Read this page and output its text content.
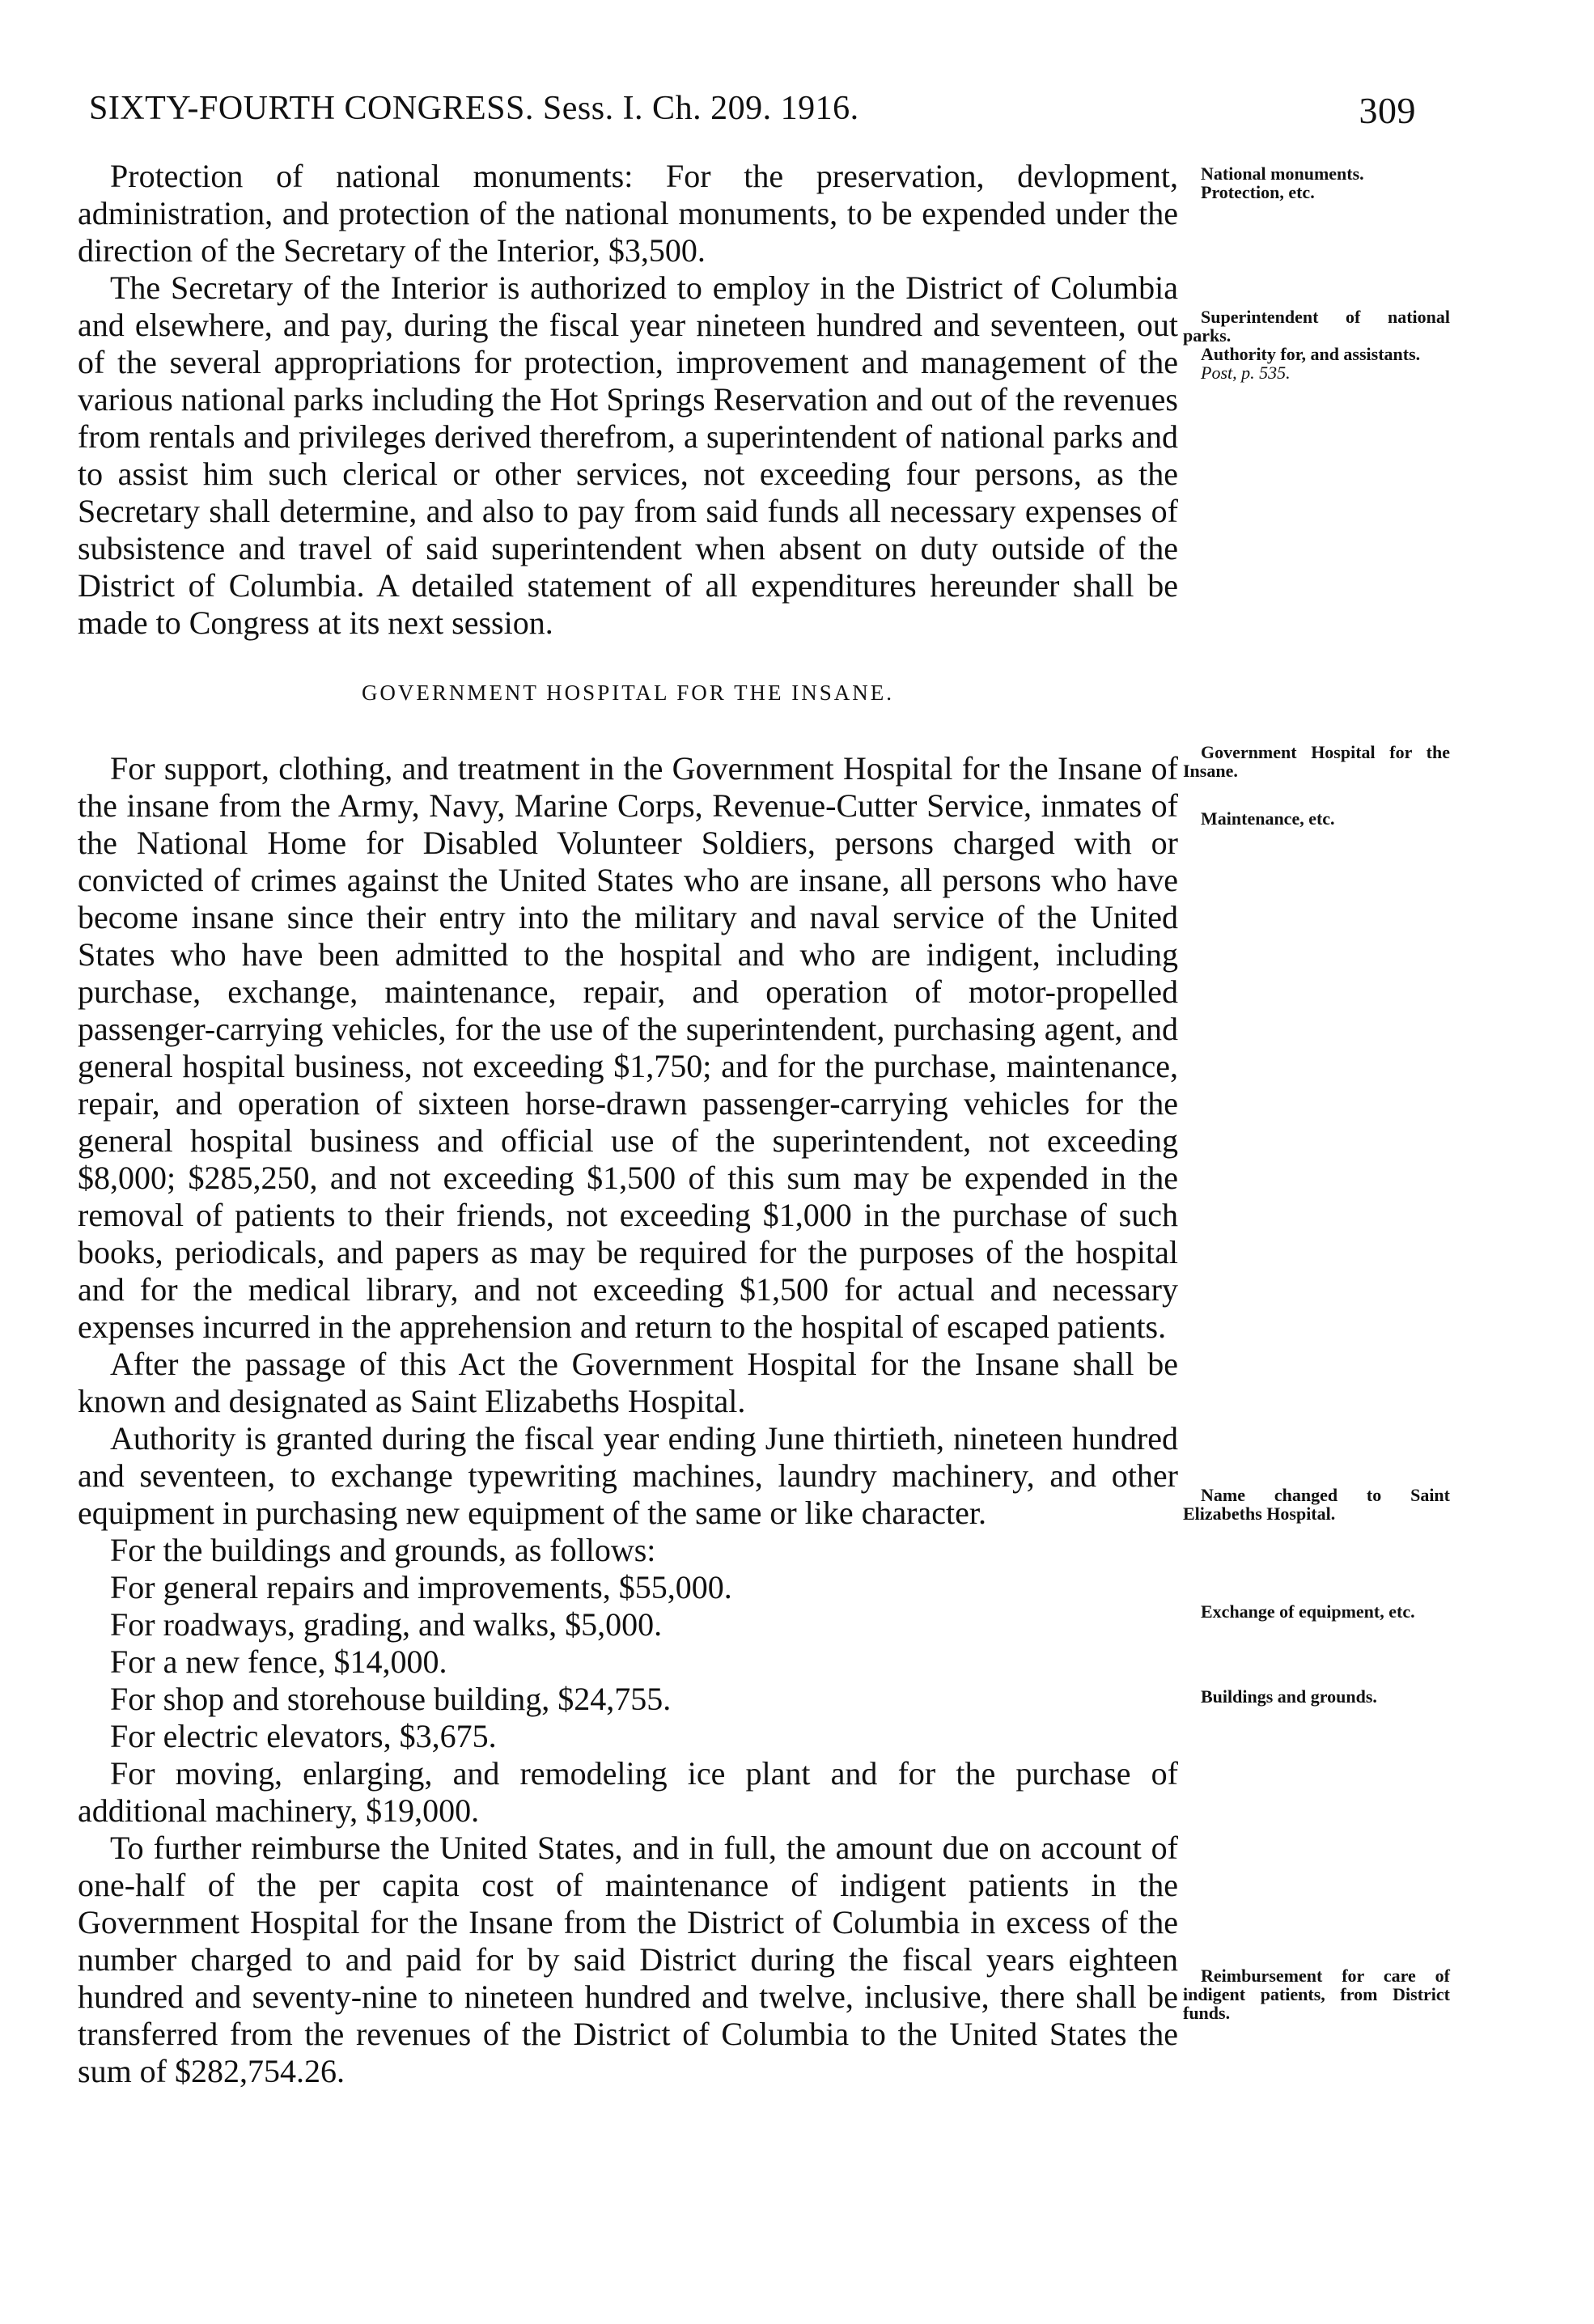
SIXTY-FOURTH CONGRESS. Sess. I. Ch. 209. 1916.	309

Protection of national monuments: For the preservation, devlopment, administration, and protection of the national monuments, to be expended under the direction of the Secretary of the Interior, $3,500.

The Secretary of the Interior is authorized to employ in the District of Columbia and elsewhere, and pay, during the fiscal year nineteen hundred and seventeen, out of the several appropriations for protection, improvement and management of the various national parks including the Hot Springs Reservation and out of the revenues from rentals and privileges derived therefrom, a superintendent of national parks and to assist him such clerical or other services, not exceeding four persons, as the Secretary shall determine, and also to pay from said funds all necessary expenses of subsistence and travel of said superintendent when absent on duty outside of the District of Columbia. A detailed statement of all expenditures hereunder shall be made to Congress at its next session.

GOVERNMENT HOSPITAL FOR THE INSANE.

For support, clothing, and treatment in the Government Hospital for the Insane of the insane from the Army, Navy, Marine Corps, Revenue-Cutter Service, inmates of the National Home for Disabled Volunteer Soldiers, persons charged with or convicted of crimes against the United States who are insane, all persons who have become insane since their entry into the military and naval service of the United States who have been admitted to the hospital and who are indigent, including purchase, exchange, maintenance, repair, and operation of motor-propelled passenger-carrying vehicles, for the use of the superintendent, purchasing agent, and general hospital business, not exceeding $1,750; and for the purchase, maintenance, repair, and operation of sixteen horse-drawn passenger-carrying vehicles for the general hospital business and official use of the superintendent, not exceeding $8,000; $285,250, and not exceeding $1,500 of this sum may be expended in the removal of patients to their friends, not exceeding $1,000 in the purchase of such books, periodicals, and papers as may be required for the purposes of the hospital and for the medical library, and not exceeding $1,500 for actual and necessary expenses incurred in the apprehension and return to the hospital of escaped patients.

After the passage of this Act the Government Hospital for the Insane shall be known and designated as Saint Elizabeths Hospital.

Authority is granted during the fiscal year ending June thirtieth, nineteen hundred and seventeen, to exchange typewriting machines, laundry machinery, and other equipment in purchasing new equipment of the same or like character.

For the buildings and grounds, as follows:

For general repairs and improvements, $55,000.

For roadways, grading, and walks, $5,000.

For a new fence, $14,000.

For shop and storehouse building, $24,755.

For electric elevators, $3,675.

For moving, enlarging, and remodeling ice plant and for the purchase of additional machinery, $19,000.

To further reimburse the United States, and in full, the amount due on account of one-half of the per capita cost of maintenance of indigent patients in the Government Hospital for the Insane from the District of Columbia in excess of the number charged to and paid for by said District during the fiscal years eighteen hundred and seventy-nine to nineteen hundred and twelve, inclusive, there shall be transferred from the revenues of the District of Columbia to the United States the sum of $282,754.26.

National monuments.
Protection, etc.
Superintendent of national parks.
Authority for, and assistants.
Post, p. 535.
Government Hospital for the Insane.
Maintenance, etc.
Name changed to Saint Elizabeths Hospital.
Exchange of equipment, etc.
Buildings and grounds.
Reimbursement for care of indigent patients, from District funds.
